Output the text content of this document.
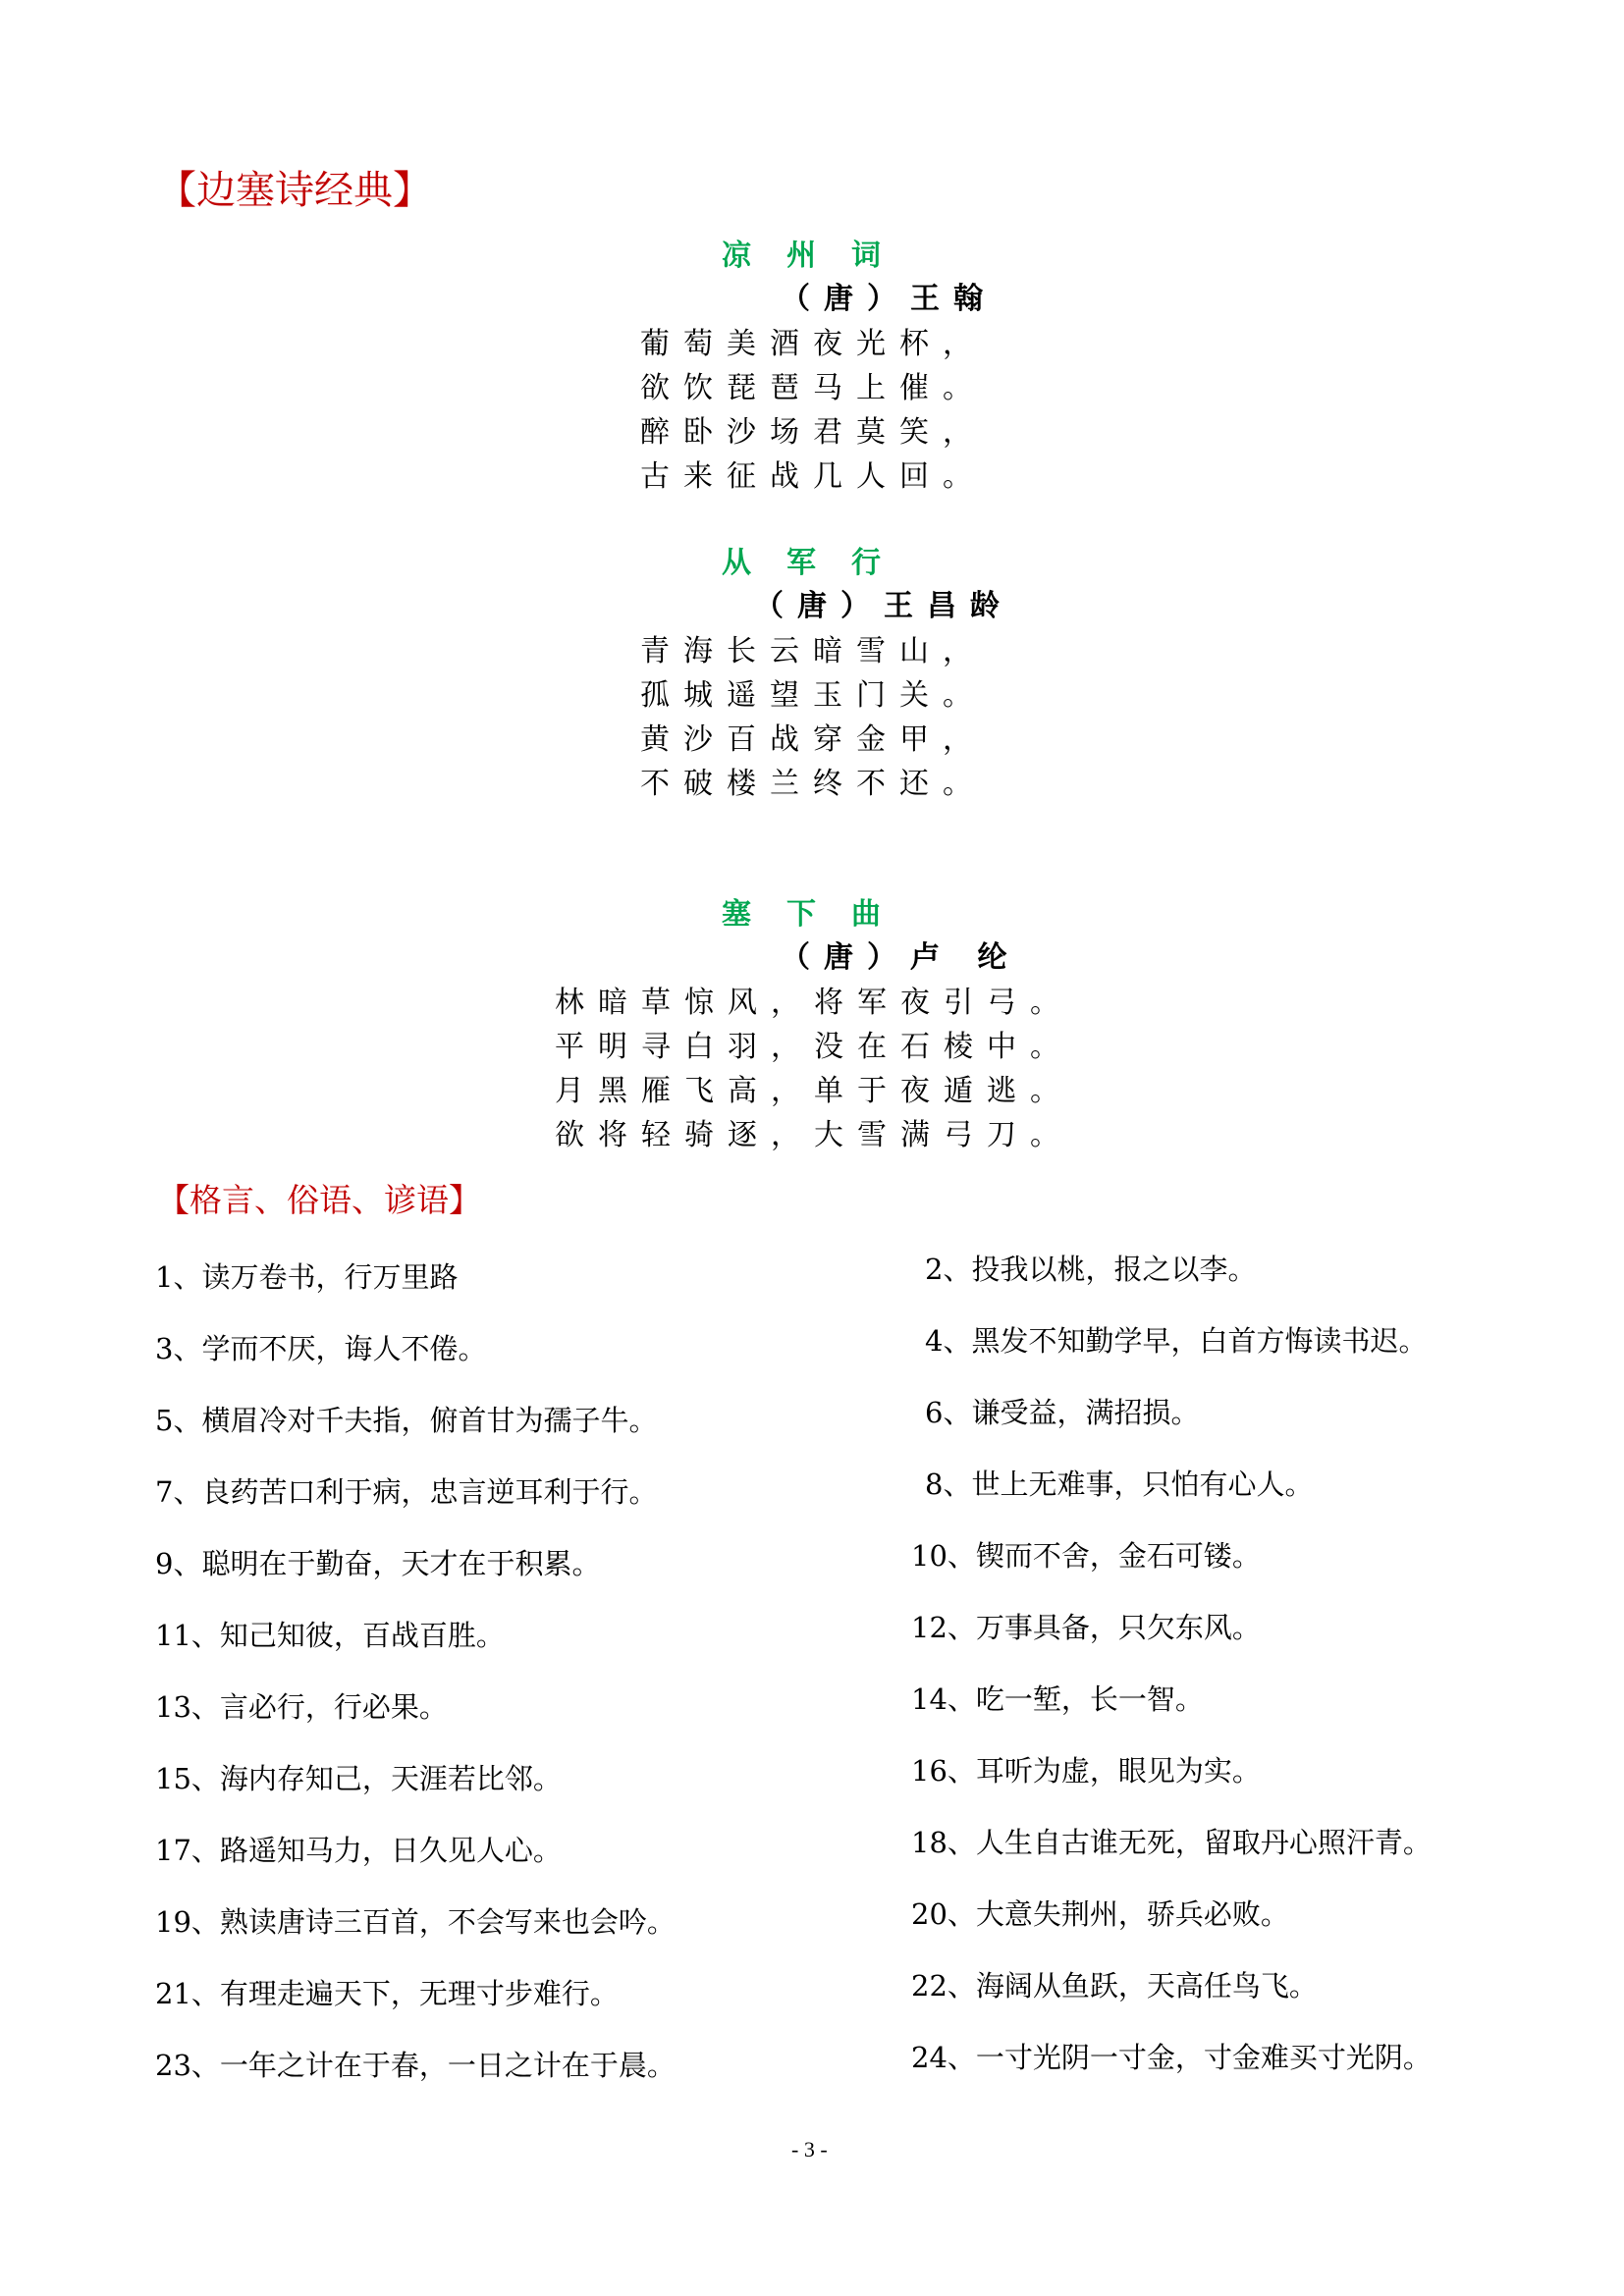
【边塞诗经典】
凉州词
（唐）王翰
葡萄美酒夜光杯，
欲饮琵琶马上催。
醉卧沙场君莫笑，
古来征战几人回。
从军行
（唐）王昌龄
青海长云暗雪山，
孤城遥望玉门关。
黄沙百战穿金甲，
不破楼兰终不还。
塞下曲
（唐）卢 纶
林暗草惊风，将军夜引弓。
平明寻白羽，没在石棱中。
月黑雁飞高，单于夜遁逃。
欲将轻骑逐，大雪满弓刀。
【格言、俗语、谚语】
1、读万卷书，行万里路
3、学而不厌，诲人不倦。
5、横眉冷对千夫指，俯首甘为孺子牛。
7、良药苦口利于病，忠言逆耳利于行。
9、聪明在于勤奋，天才在于积累。
11、知己知彼，百战百胜。
13、言必行，行必果。
15、海内存知己，天涯若比邻。
17、路遥知马力，日久见人心。
19、熟读唐诗三百首，不会写来也会吟。
21、有理走遍天下，无理寸步难行。
23、一年之计在于春，一日之计在于晨。
2、投我以桃，报之以李。
4、黑发不知勤学早，白首方悔读书迟。
6、谦受益，满招损。
8、世上无难事，只怕有心人。
10、锲而不舍，金石可镂。
12、万事具备，只欠东风。
14、吃一堑，长一智。
16、耳听为虚，眼见为实。
18、人生自古谁无死，留取丹心照汗青。
20、大意失荆州，骄兵必败。
22、海阔从鱼跃，天高任鸟飞。
24、一寸光阴一寸金，寸金难买寸光阴。
- 3 -
